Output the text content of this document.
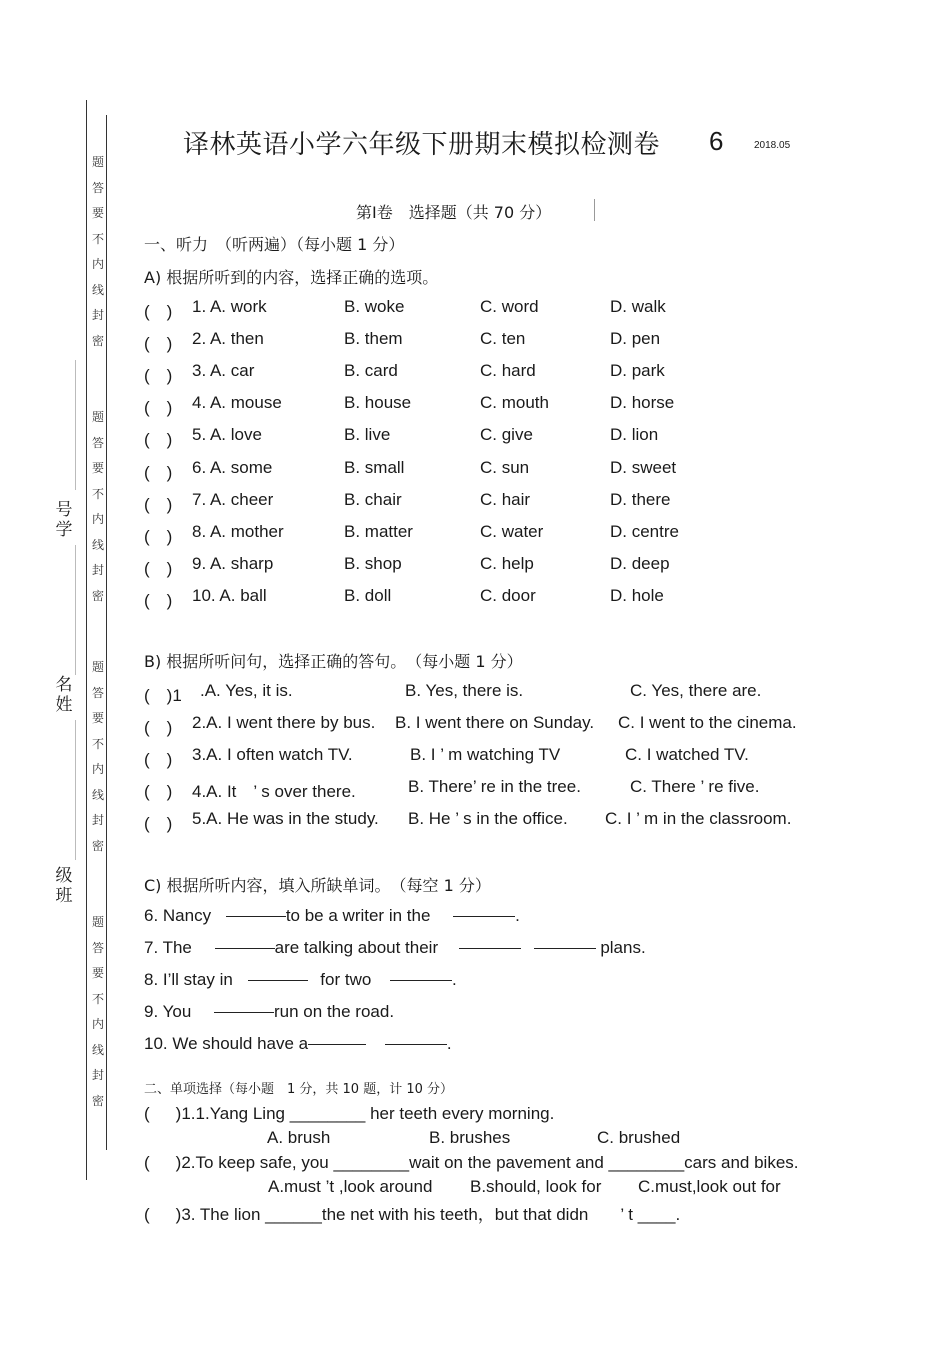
题
答
要
不
内
线
封
密
题
答
要
不
内
线
封
密
题
答
要
不
内
线
封
密
题
答
要
不
内
线
封
密
号
学
名
姓
级
班
译林英语小学六年级下册期末模拟检测卷 6	2018.05
第Ⅰ卷　选择题（共 70 分）
一、听力　（听两遍）（每小题 1 分）
A) 根据所听到的内容，选择正确的选项。
(　) 1. A. work	B. woke	C. word	D. walk
(　) 2. A. then	B. them	C. ten	D. pen
(　) 3. A. car	B. card	C. hard	D. park
(　) 4. A. mouse	B. house	C. mouth	D. horse
(　) 5. A. love	B. live	C. give	D. lion
(　) 6. A. some	B. small	C. sun	D. sweet
(　) 7. A. cheer	B. chair	C. hair	D. there
(　) 8. A. mother	B. matter	C. water	D. centre
(　) 9. A. sharp	B. shop	C. help	D. deep
(　) 10. A. ball	B. doll	C. door	D. hole
B) 根据所听问句，选择正确的答句。　（每小题 1 分）
(　)1 .A. Yes, it is.	B. Yes, there is.	C. Yes, there are.
(　) 2.A. I went there by bus. B. I went there on Sunday. C. I went to the cinema.
(　) 3.A. I often watch TV.	B. I ’ m watching TV	C. I watched TV.
(　) 4.A. It　’ s over there.	B. There’ re in the tree.	C. There ’ re five.
(　) 5.A. He was in the study. B. He ’ s in the office. C. I ’ m in the classroom.
C) 根据所听内容，填入所缺单词。　（每空 1 分）
6. Nancy	to be a writer in the	.
7. The	are talking about their	plans.
8. I’ll stay in	for two	.
9. You	run on the road.
10. We should have a	.
二、单项选择（每小题　1 分，共 10 题，计 10 分）
( )1.1.Yang Ling ________ her teeth every morning.
A. brush	B. brushes	C. brushed
( )2.To keep safe, you ________wait on the pavement and ________cars and bikes.
A.must ’t ,look around B.should, look for C.must,look out for
( )3. The lion ______the net with his teeth，but that didn ’ t ____.
